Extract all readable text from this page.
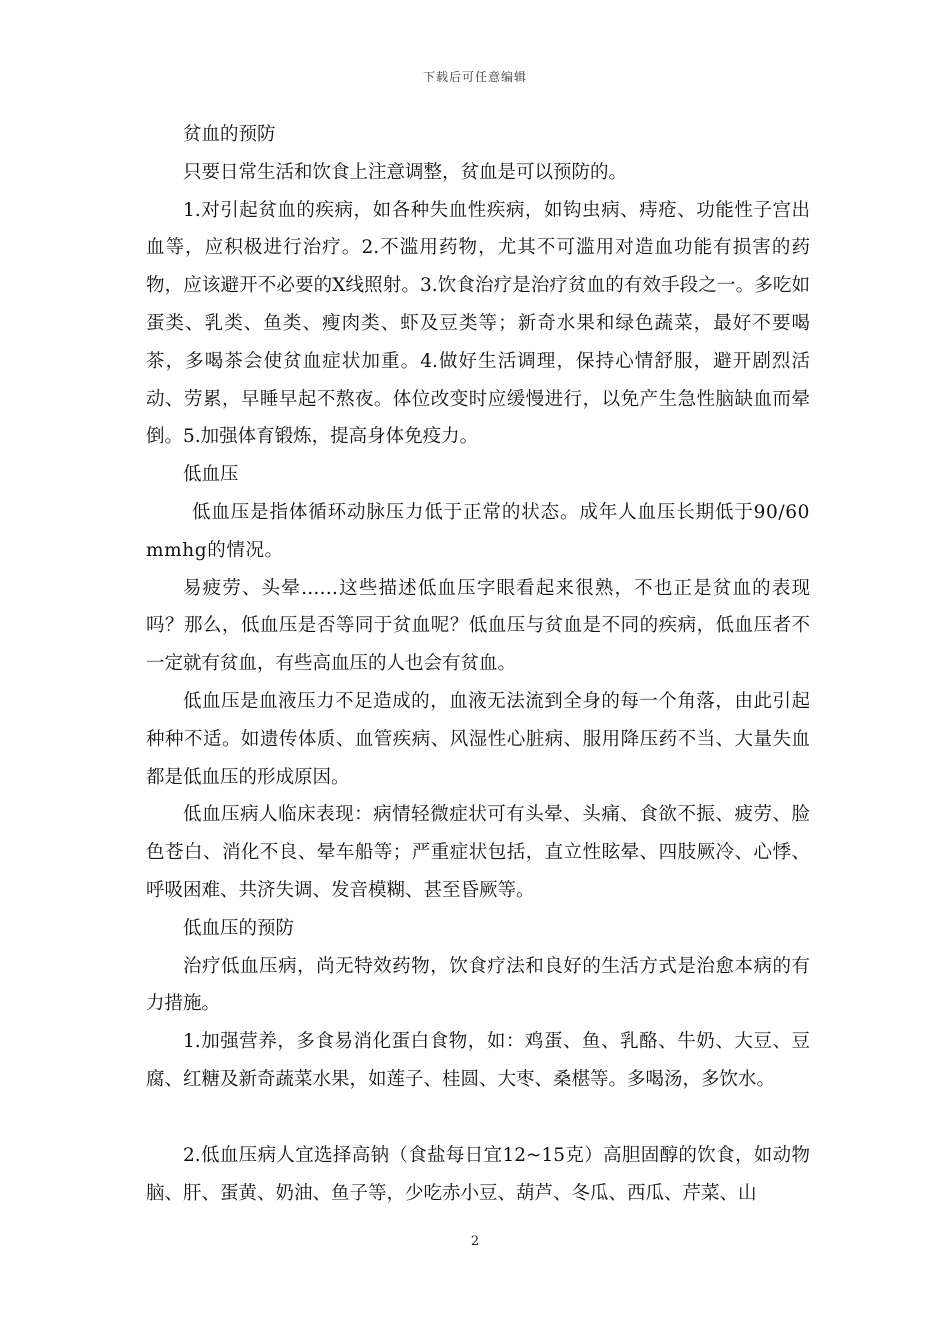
下载后可任意编辑

贫血的预防

只要日常生活和饮食上注意调整，贫血是可以预防的。

1.对引起贫血的疾病，如各种失血性疾病，如钩虫病、痔疮、功能性子宫出血等，应积极进行治疗。2.不滥用药物，尤其不可滥用对造血功能有损害的药物，应该避开不必要的X线照射。3.饮食治疗是治疗贫血的有效手段之一。多吃如蛋类、乳类、鱼类、瘦肉类、虾及豆类等；新奇水果和绿色蔬菜，最好不要喝茶，多喝茶会使贫血症状加重。4.做好生活调理，保持心情舒服，避开剧烈活动、劳累，早睡早起不熬夜。体位改变时应缓慢进行，以免产生急性脑缺血而晕倒。5.加强体育锻炼，提高身体免疫力。

低血压

低血压是指体循环动脉压力低于正常的状态。成年人血压长期低于90/60mmhg的情况。

易疲劳、头晕……这些描述低血压字眼看起来很熟，不也正是贫血的表现吗？那么，低血压是否等同于贫血呢？低血压与贫血是不同的疾病，低血压者不一定就有贫血，有些高血压的人也会有贫血。

低血压是血液压力不足造成的，血液无法流到全身的每一个角落，由此引起种种不适。如遗传体质、血管疾病、风湿性心脏病、服用降压药不当、大量失血都是低血压的形成原因。

低血压病人临床表现：病情轻微症状可有头晕、头痛、食欲不振、疲劳、脸色苍白、消化不良、晕车船等；严重症状包括，直立性眩晕、四肢厥冷、心悸、呼吸困难、共济失调、发音模糊、甚至昏厥等。

低血压的预防

治疗低血压病，尚无特效药物，饮食疗法和良好的生活方式是治愈本病的有力措施。

1.加强营养，多食易消化蛋白食物，如：鸡蛋、鱼、乳酪、牛奶、大豆、豆腐、红糖及新奇蔬菜水果，如莲子、桂圆、大枣、桑椹等。多喝汤，多饮水。

2.低血压病人宜选择高钠（食盐每日宜12~15克）高胆固醇的饮食，如动物脑、肝、蛋黄、奶油、鱼子等，少吃赤小豆、葫芦、冬瓜、西瓜、芹菜、山

2
